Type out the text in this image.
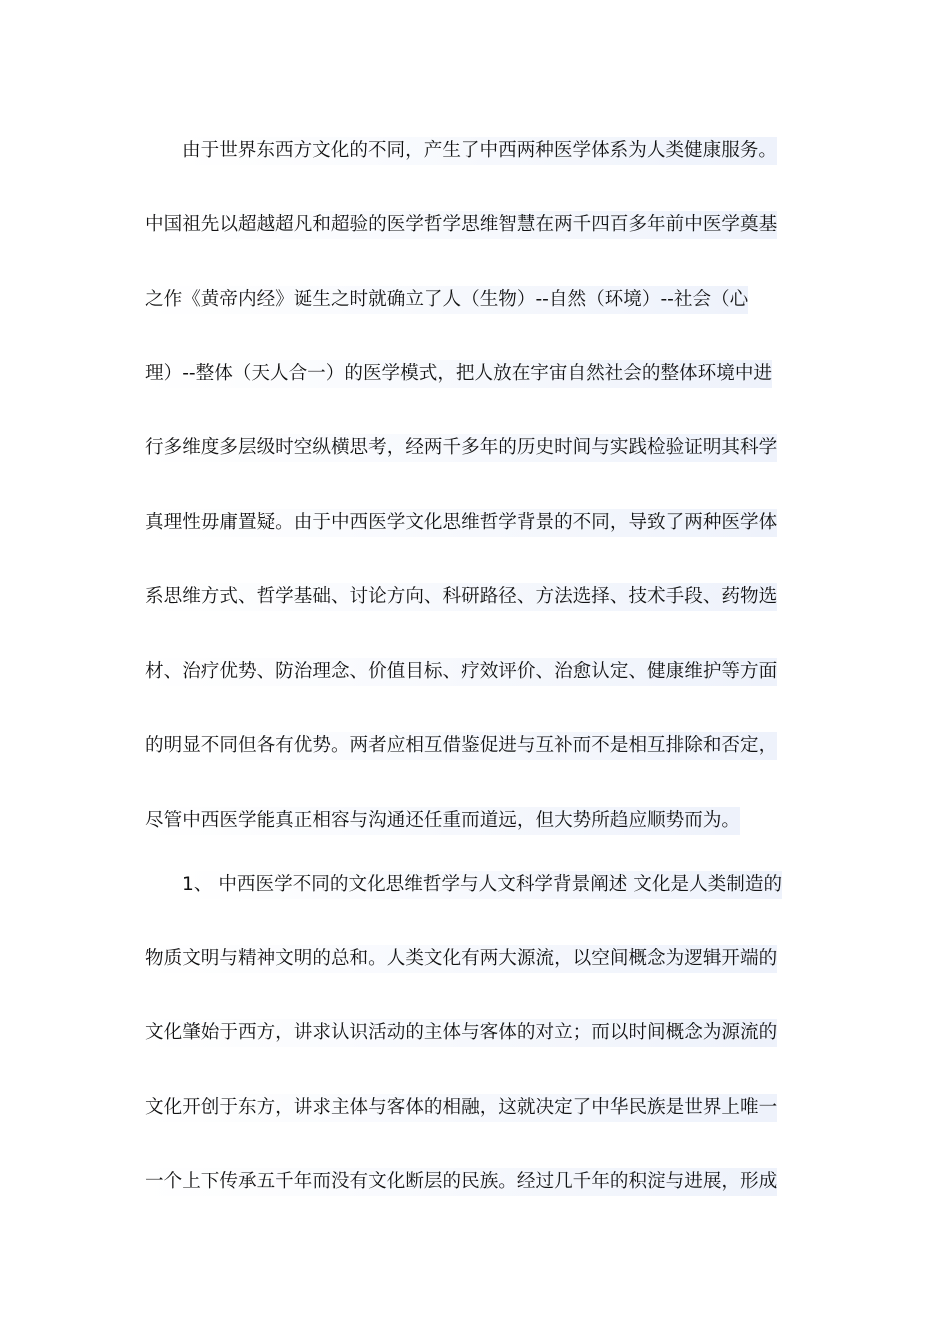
由于世界东西方文化的不同，产生了中西两种医学体系为人类健康服务。
中国祖先以超越超凡和超验的医学哲学思维智慧在两千四百多年前中医学奠基
之作《黄帝内经》诞生之时就确立了人（生物）--自然（环境）--社会（心
理）--整体（天人合一）的医学模式，把人放在宇宙自然社会的整体环境中进
行多维度多层级时空纵横思考，经两千多年的历史时间与实践检验证明其科学
真理性毋庸置疑。由于中西医学文化思维哲学背景的不同，导致了两种医学体
系思维方式、哲学基础、讨论方向、科研路径、方法选择、技术手段、药物选
材、治疗优势、防治理念、价值目标、疗效评价、治愈认定、健康维护等方面
的明显不同但各有优势。两者应相互借鉴促进与互补而不是相互排除和否定，
尽管中西医学能真正相容与沟通还任重而道远，但大势所趋应顺势而为。
1、 中西医学不同的文化思维哲学与人文科学背景阐述 文化是人类制造的
物质文明与精神文明的总和。人类文化有两大源流，以空间概念为逻辑开端的
文化肇始于西方，讲求认识活动的主体与客体的对立；而以时间概念为源流的
文化开创于东方，讲求主体与客体的相融，这就决定了中华民族是世界上唯一
一个上下传承五千年而没有文化断层的民族。经过几千年的积淀与进展，形成
